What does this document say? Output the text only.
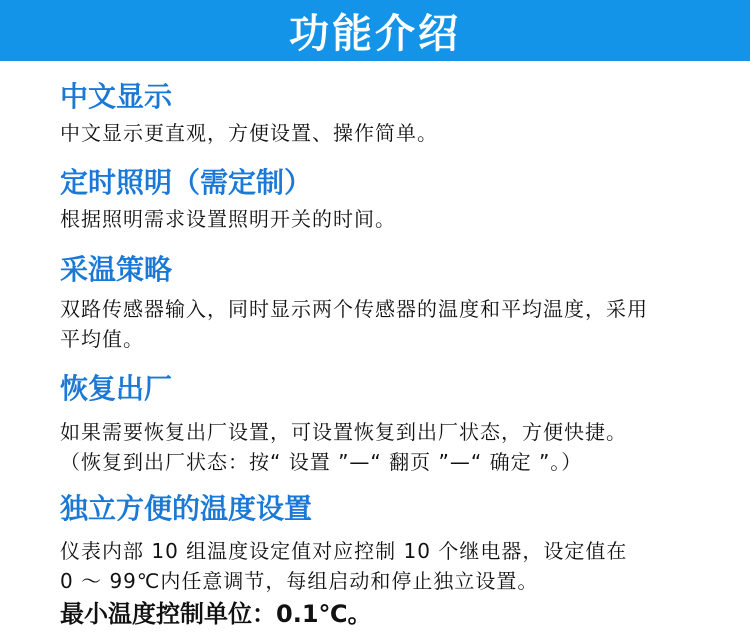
功能介绍
中文显示

中文显示更直观，方便设置、操作简单。

定时照明（需定制）

根据照明需求设置照明开关的时间。

采温策略

双路传感器输入，同时显示两个传感器的温度和平均温度，采用
平均值。

恢复出厂

如果需要恢复出厂设置，可设置恢复到出厂状态，方便快捷。
（恢复到出厂状态：按“ 设置 ”—“ 翻页 ”—“ 确定 ”。）

独立方便的温度设置

仪表内部 10 组温度设定值对应控制 10 个继电器，设定值在
0 ～ 99℃内任意调节，每组启动和停止独立设置。

最小温度控制单位：0.1℃。
